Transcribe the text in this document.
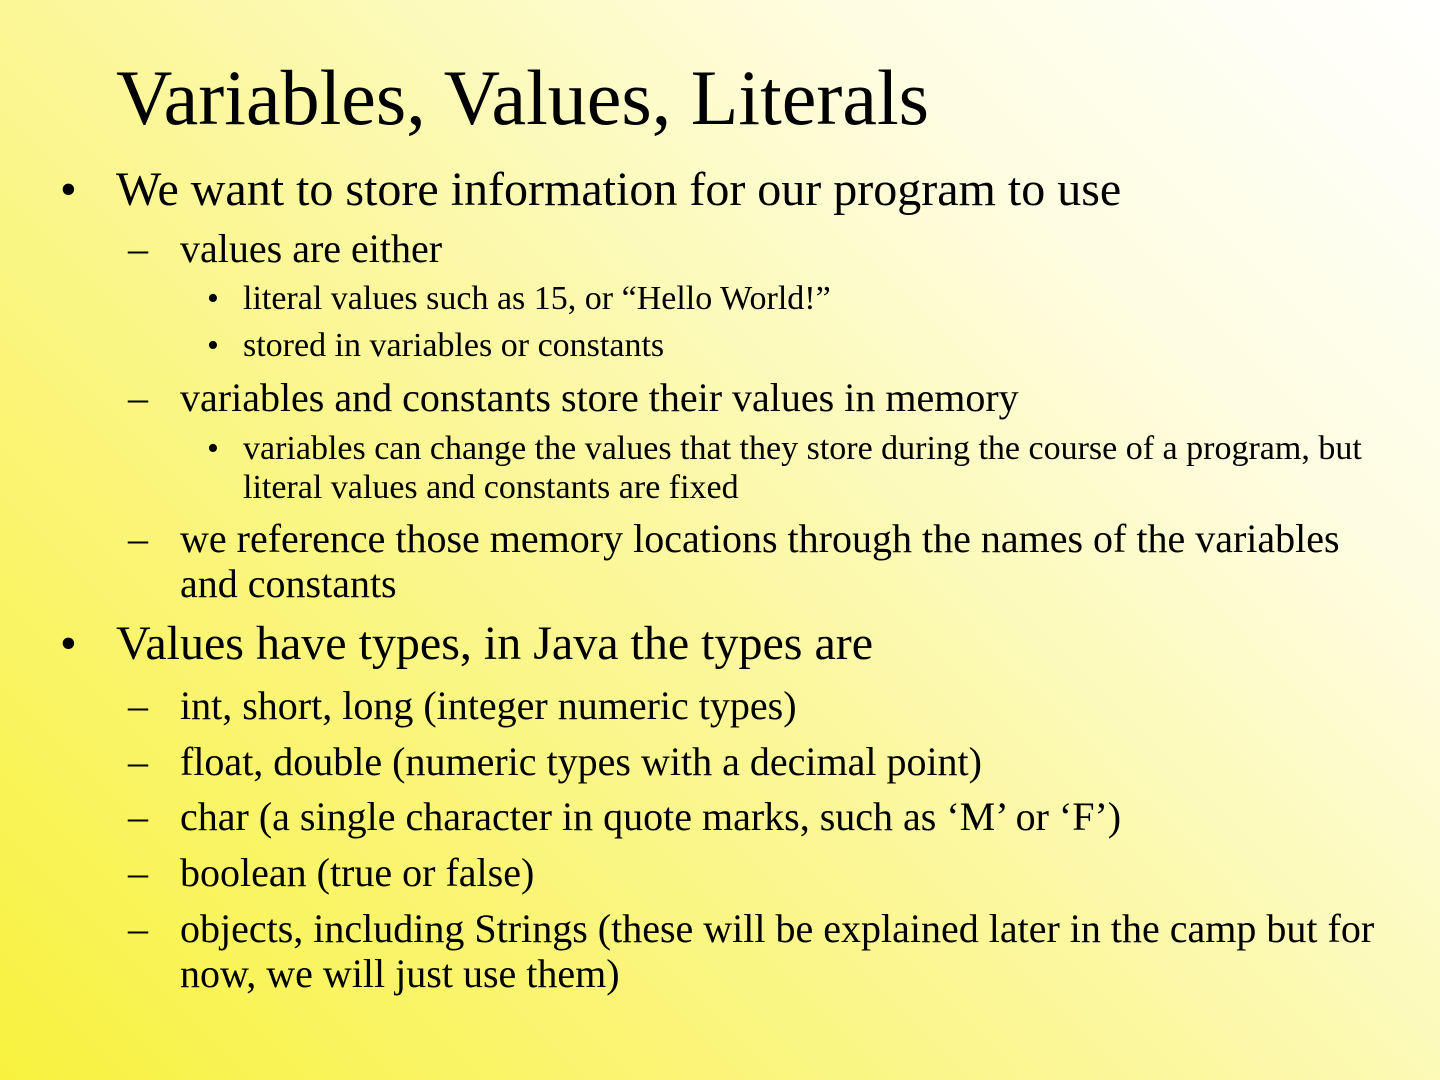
Variables, Values, Literals
• We want to store information for our program to use
– values are either
• literal values such as 15, or “Hello World!”
• stored in variables or constants
– variables and constants store their values in memory
• variables can change the values that they store during the course of a program, but literal values and constants are fixed
– we reference those memory locations through the names of the variables and constants
• Values have types, in Java the types are
– int, short, long (integer numeric types)
– float, double (numeric types with a decimal point)
– char (a single character in quote marks, such as ‘M’ or ‘F’)
– boolean (true or false)
– objects, including Strings (these will be explained later in the camp but for now, we will just use them)
